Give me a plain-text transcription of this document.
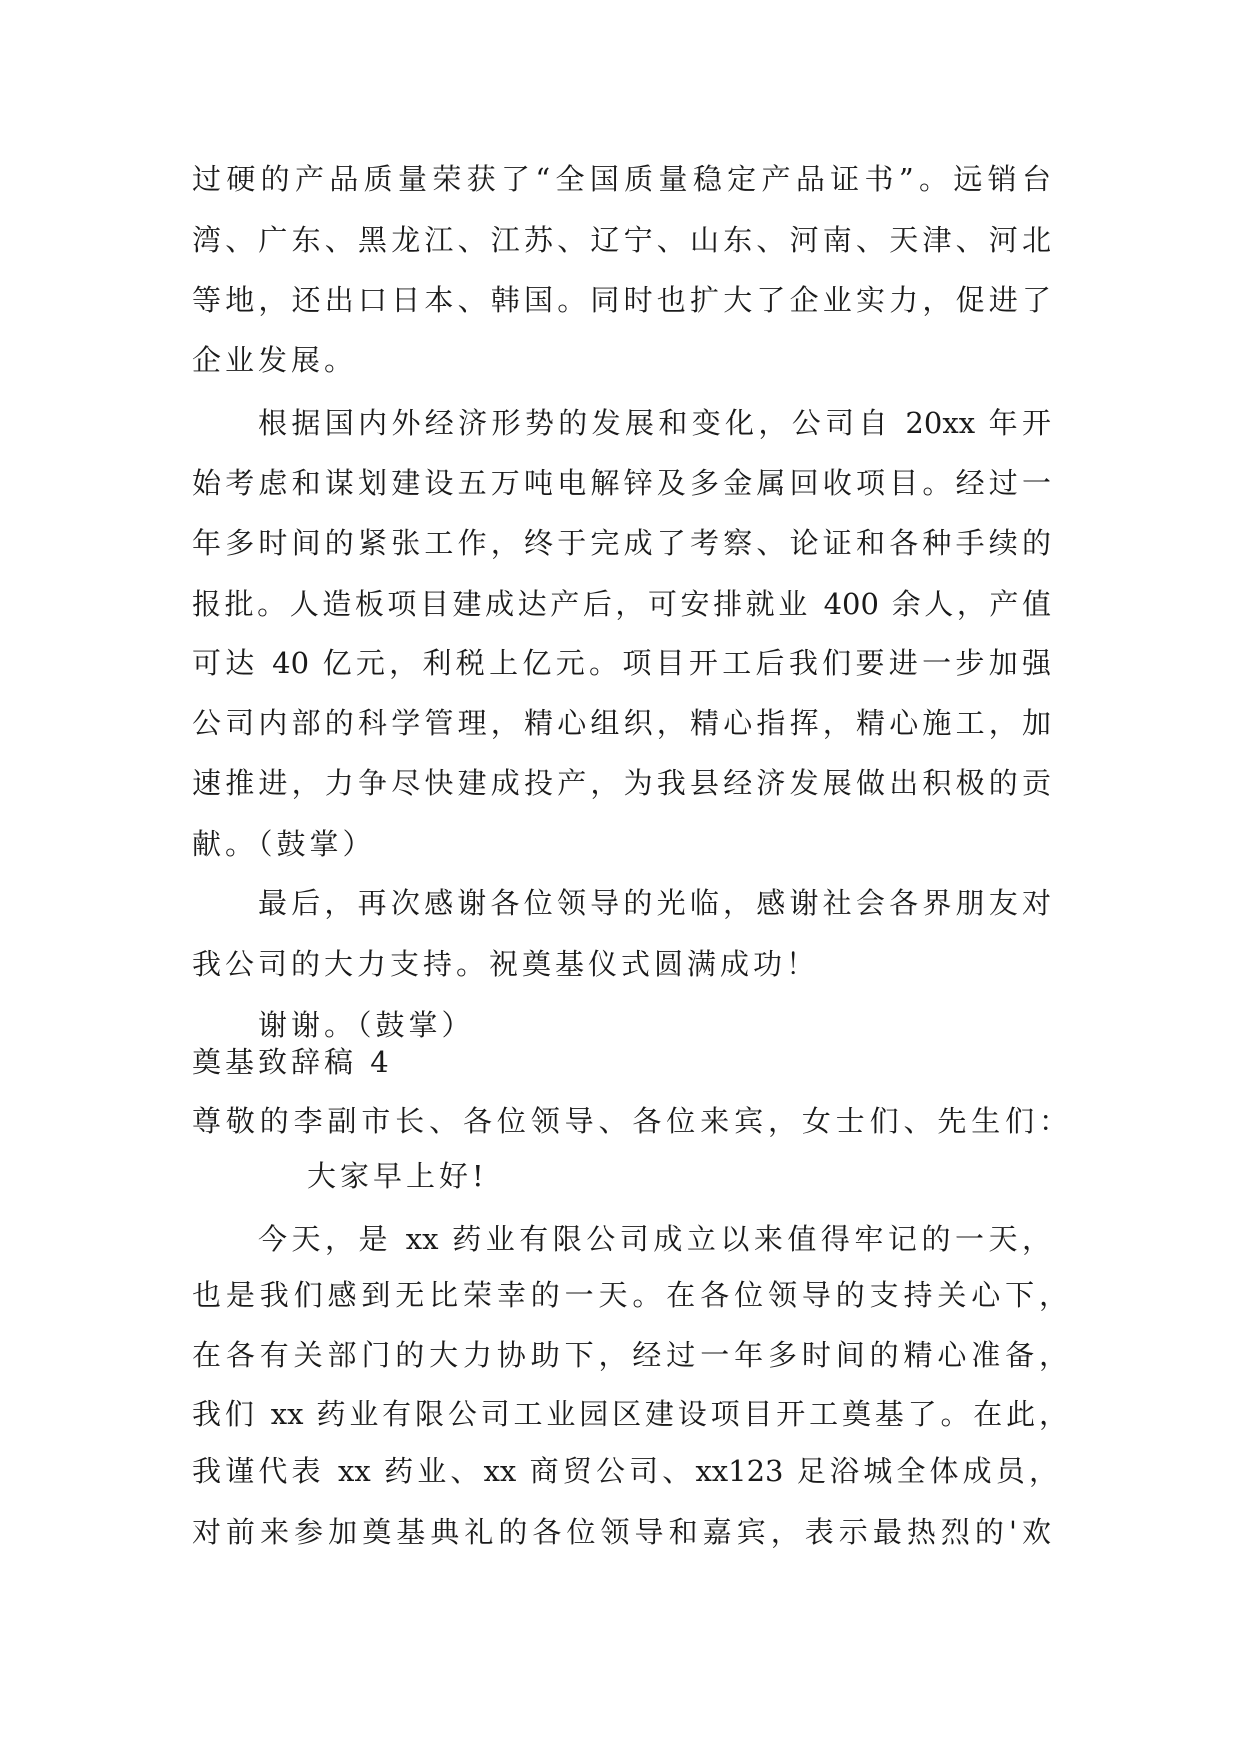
过硬的产品质量荣获了“全国质量稳定产品证书”。远销台
湾、广东、黑龙江、江苏、辽宁、山东、河南、天津、河北
等地，还出口日本、韩国。同时也扩大了企业实力，促进了
企业发展。
根据国内外经济形势的发展和变化，公司自 20xx 年开
始考虑和谋划建设五万吨电解锌及多金属回收项目。经过一
年多时间的紧张工作，终于完成了考察、论证和各种手续的
报批。人造板项目建成达产后，可安排就业 400 余人，产值
可达 40 亿元，利税上亿元。项目开工后我们要进一步加强
公司内部的科学管理，精心组织，精心指挥，精心施工，加
速推进，力争尽快建成投产，为我县经济发展做出积极的贡
献。（鼓掌）
最后，再次感谢各位领导的光临，感谢社会各界朋友对
我公司的大力支持。祝奠基仪式圆满成功！
谢谢。（鼓掌）
奠基致辞稿 4
尊敬的李副市长、各位领导、各位来宾，女士们、先生们：
大家早上好!
今天，是 xx 药业有限公司成立以来值得牢记的一天，
也是我们感到无比荣幸的一天。在各位领导的支持关心下，
在各有关部门的大力协助下，经过一年多时间的精心准备，
我们 xx 药业有限公司工业园区建设项目开工奠基了。在此，
我谨代表 xx 药业、xx 商贸公司、xx123 足浴城全体成员，
对前来参加奠基典礼的各位领导和嘉宾，表示最热烈的'欢
